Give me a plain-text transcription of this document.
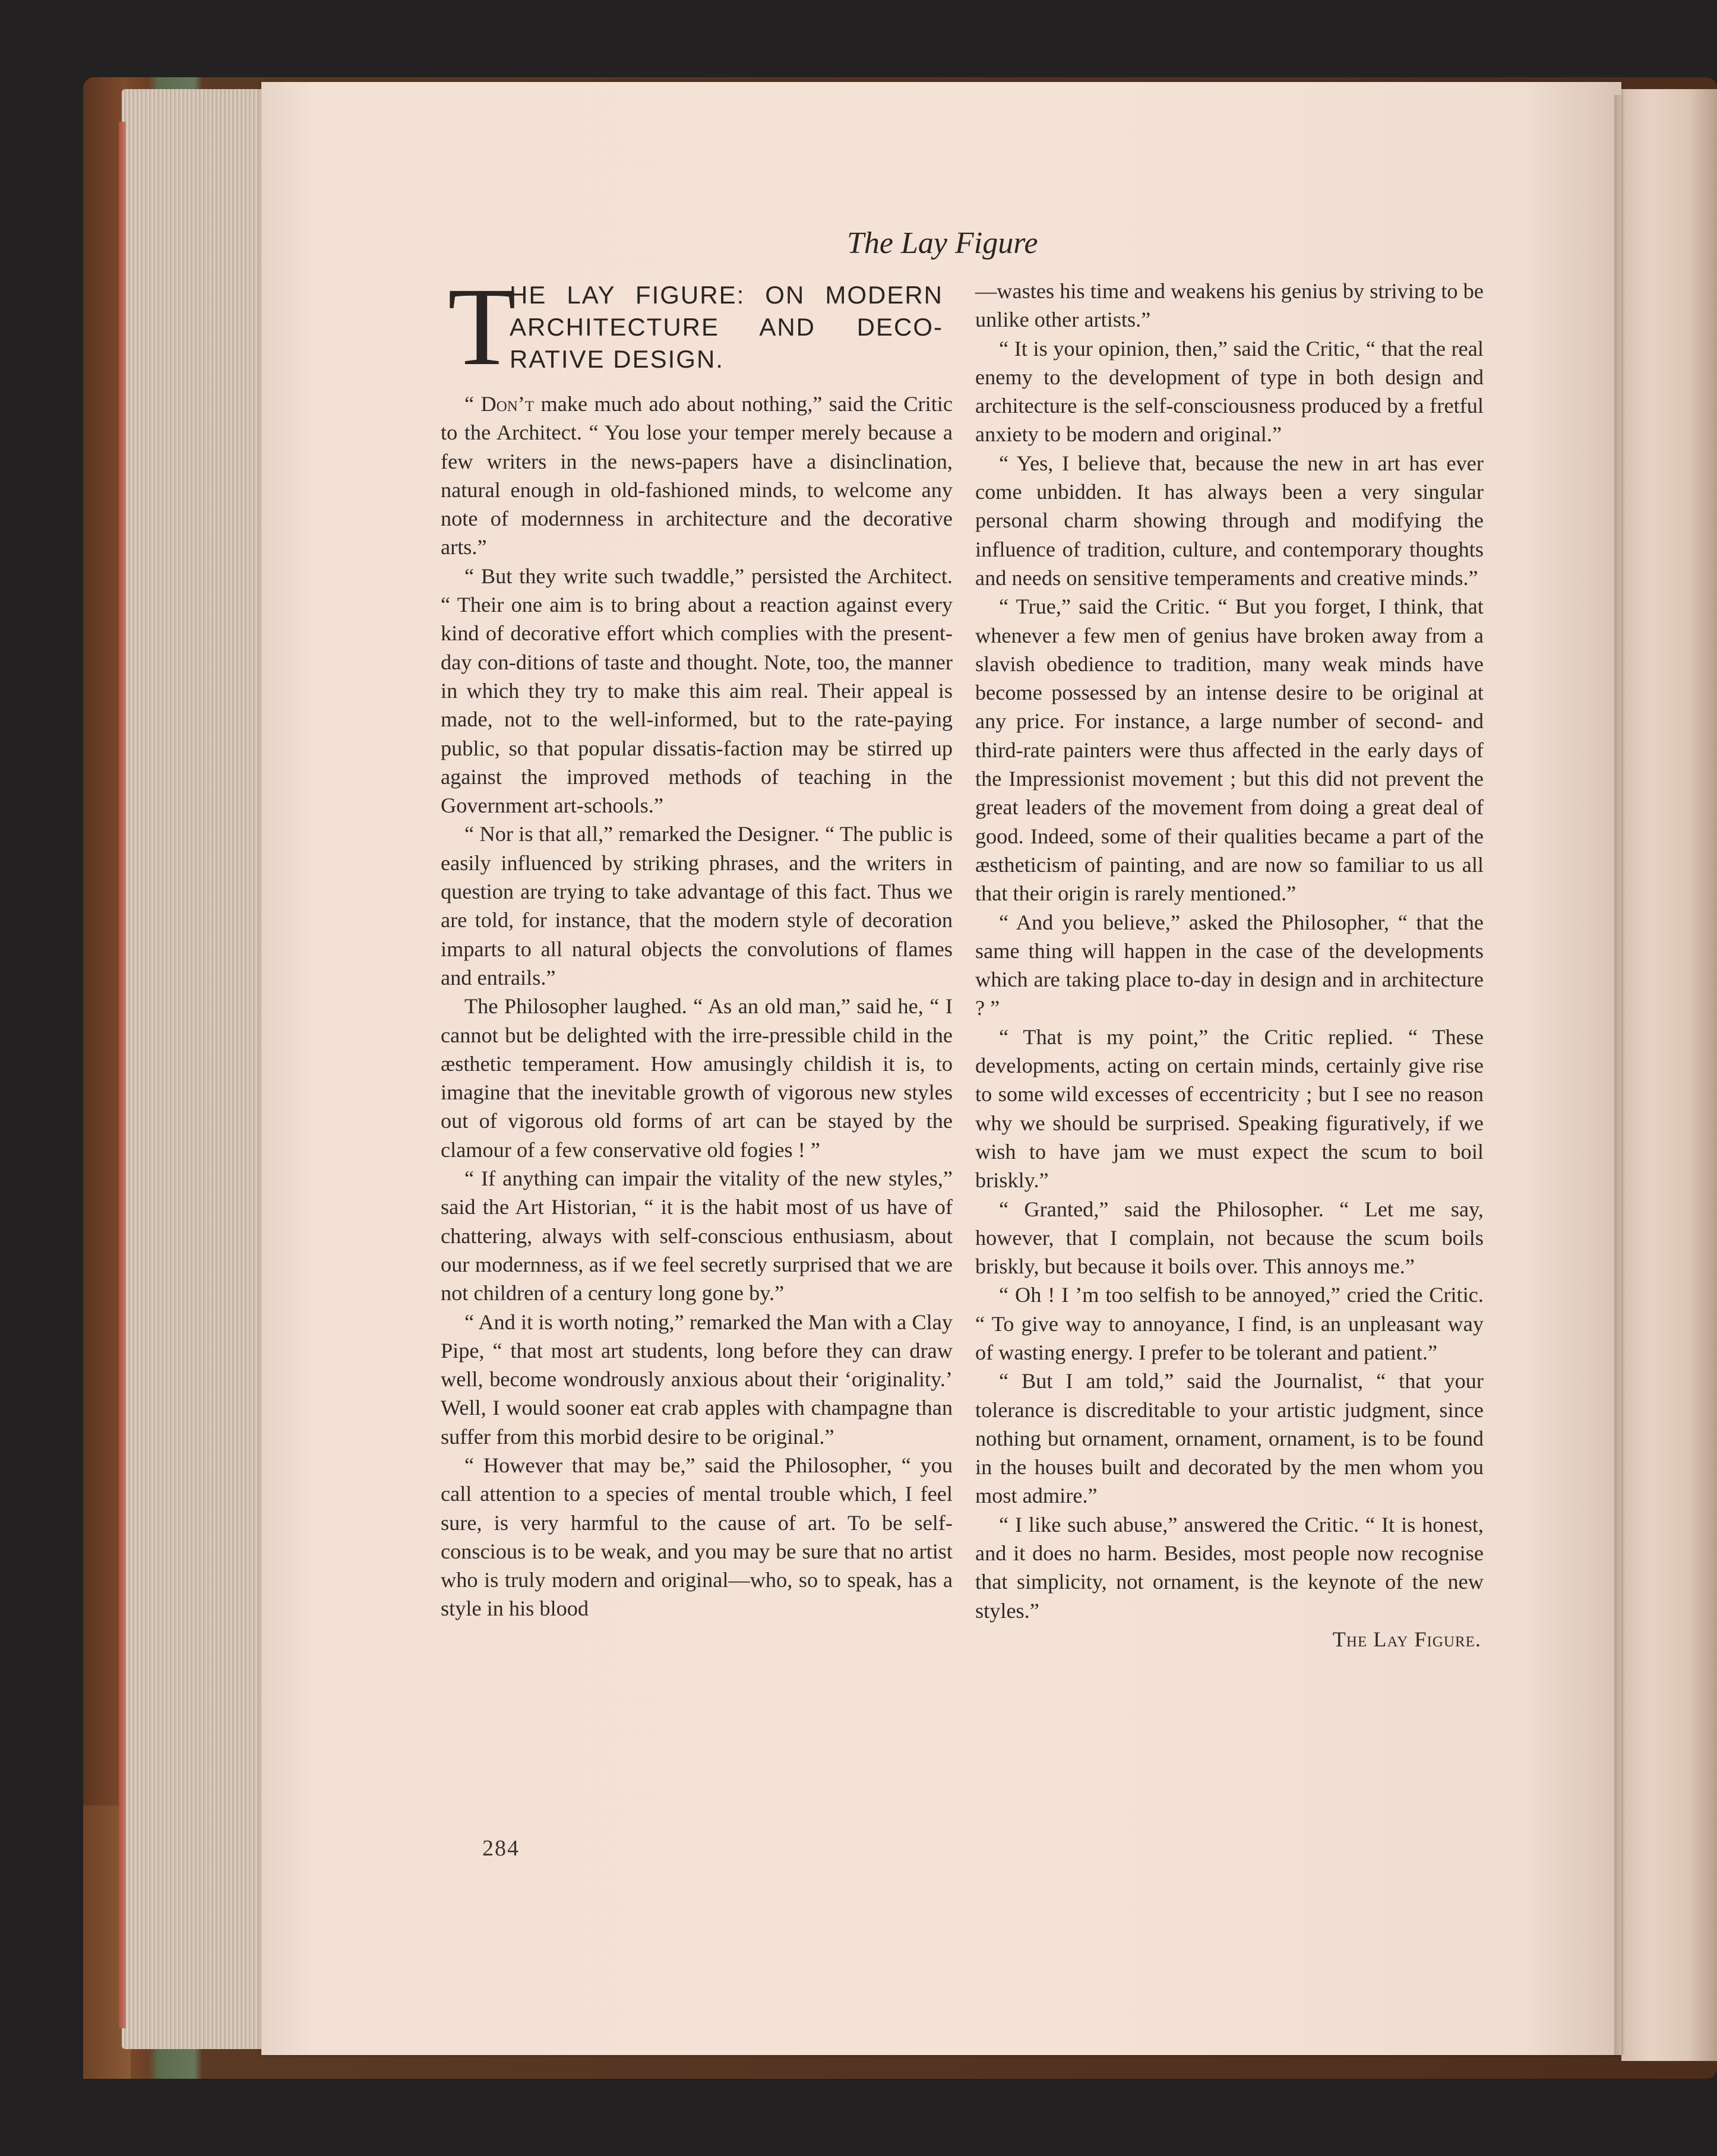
The Lay Figure
T
HE LAY FIGURE: ON MODERN ARCHITECTURE AND DECO-RATIVE DESIGN.

“ Don’t make much ado about nothing,” said the Critic to the Architect. “ You lose your temper merely because a few writers in the news-papers have a disinclination, natural enough in old-fashioned minds, to welcome any note of modernness in architecture and the decorative arts.”

“ But they write such twaddle,” persisted the Architect. “ Their one aim is to bring about a reaction against every kind of decorative effort which complies with the present-day con-ditions of taste and thought. Note, too, the manner in which they try to make this aim real. Their appeal is made, not to the well-informed, but to the rate-paying public, so that popular dissatis-faction may be stirred up against the improved methods of teaching in the Government art-schools.”

“ Nor is that all,” remarked the Designer. “ The public is easily influenced by striking phrases, and the writers in question are trying to take advantage of this fact. Thus we are told, for instance, that the modern style of decoration imparts to all natural objects the convolutions of flames and entrails.”

The Philosopher laughed. “ As an old man,” said he, “ I cannot but be delighted with the irre-pressible child in the æsthetic temperament. How amusingly childish it is, to imagine that the inevitable growth of vigorous new styles out of vigorous old forms of art can be stayed by the clamour of a few conservative old fogies ! ”

“ If anything can impair the vitality of the new styles,” said the Art Historian, “ it is the habit most of us have of chattering, always with self-conscious enthusiasm, about our modernness, as if we feel secretly surprised that we are not children of a century long gone by.”

“ And it is worth noting,” remarked the Man with a Clay Pipe, “ that most art students, long before they can draw well, become wondrously anxious about their ‘originality.’ Well, I would sooner eat crab apples with champagne than suffer from this morbid desire to be original.”

“ However that may be,” said the Philosopher, “ you call attention to a species of mental trouble which, I feel sure, is very harmful to the cause of art. To be self-conscious is to be weak, and you may be sure that no artist who is truly modern and original—who, so to speak, has a style in his blood

—wastes his time and weakens his genius by striving to be unlike other artists.”

“ It is your opinion, then,” said the Critic, “ that the real enemy to the development of type in both design and architecture is the self-consciousness produced by a fretful anxiety to be modern and original.”

“ Yes, I believe that, because the new in art has ever come unbidden. It has always been a very singular personal charm showing through and modifying the influence of tradition, culture, and contemporary thoughts and needs on sensitive temperaments and creative minds.”

“ True,” said the Critic. “ But you forget, I think, that whenever a few men of genius have broken away from a slavish obedience to tradition, many weak minds have become possessed by an intense desire to be original at any price. For instance, a large number of second- and third-rate painters were thus affected in the early days of the Impressionist movement ; but this did not prevent the great leaders of the movement from doing a great deal of good. Indeed, some of their qualities became a part of the æstheticism of painting, and are now so familiar to us all that their origin is rarely mentioned.”

“ And you believe,” asked the Philosopher, “ that the same thing will happen in the case of the developments which are taking place to-day in design and in architecture ? ”

“ That is my point,” the Critic replied. “ These developments, acting on certain minds, certainly give rise to some wild excesses of eccentricity ; but I see no reason why we should be surprised. Speaking figuratively, if we wish to have jam we must expect the scum to boil briskly.”

“ Granted,” said the Philosopher. “ Let me say, however, that I complain, not because the scum boils briskly, but because it boils over. This annoys me.”

“ Oh ! I ’m too selfish to be annoyed,” cried the Critic. “ To give way to annoyance, I find, is an unpleasant way of wasting energy. I prefer to be tolerant and patient.”

“ But I am told,” said the Journalist, “ that your tolerance is discreditable to your artistic judgment, since nothing but ornament, ornament, ornament, is to be found in the houses built and decorated by the men whom you most admire.”

“ I like such abuse,” answered the Critic. “ It is honest, and it does no harm. Besides, most people now recognise that simplicity, not ornament, is the keynote of the new styles.”

The Lay Figure.

284
